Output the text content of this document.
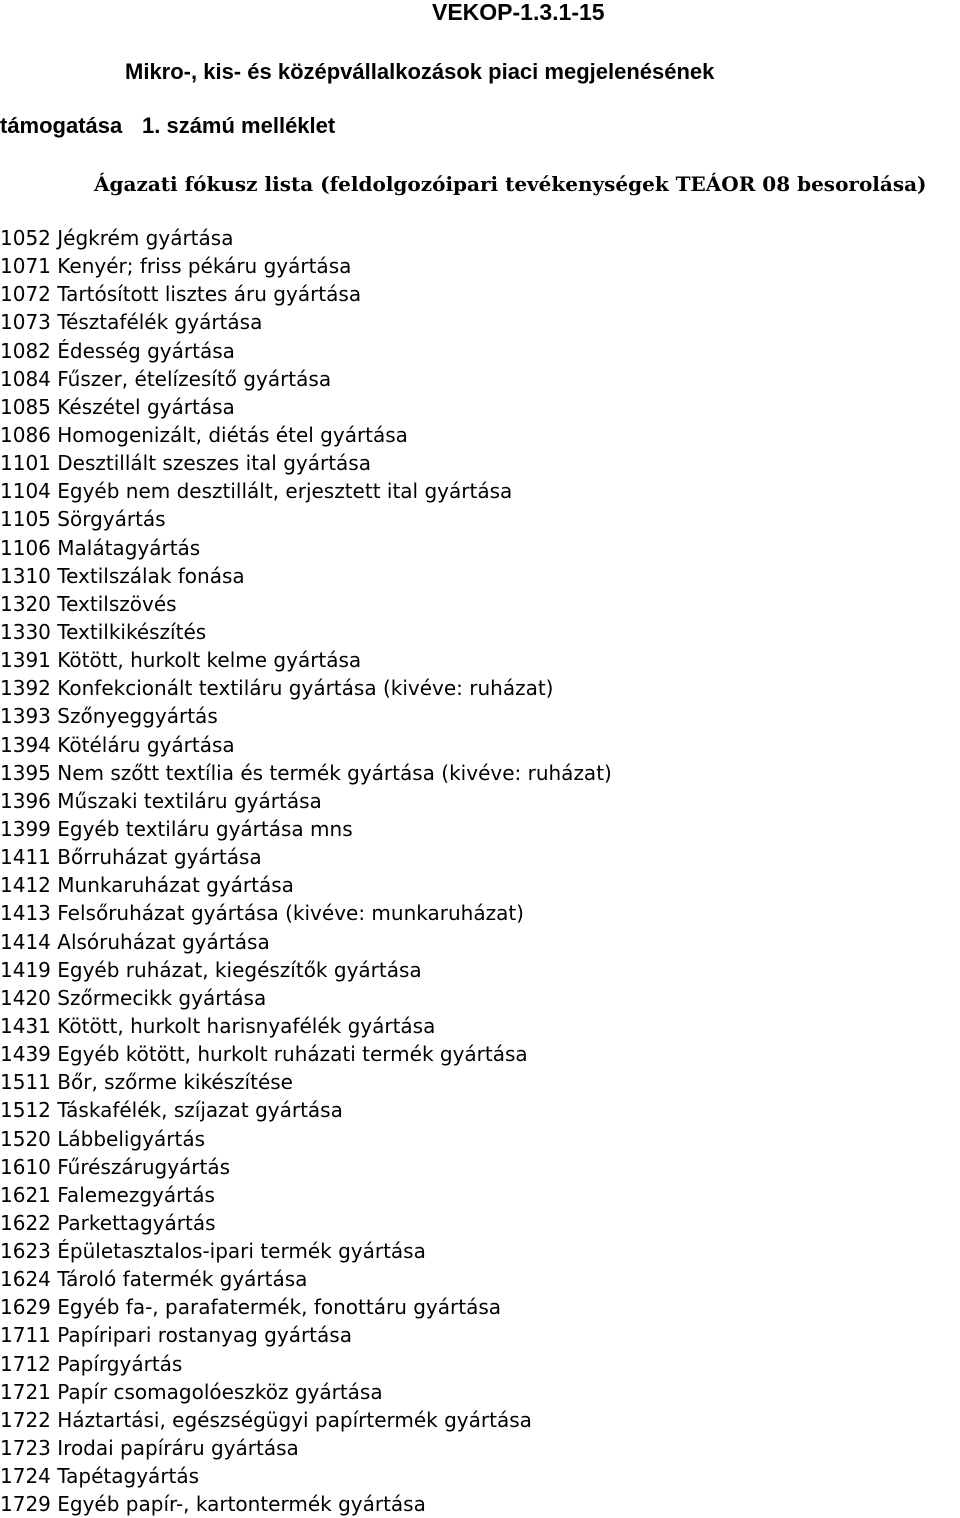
VEKOP-1.3.1-15
Mikro-, kis- és középvállalkozások piaci megjelenésének
támogatása 1. számú melléklet
Ágazati fókusz lista (feldolgozóipari tevékenységek TEÁOR 08 besorolása)
1052 Jégkrém gyártása
1071 Kenyér; friss pékáru gyártása
1072 Tartósított lisztes áru gyártása
1073 Tésztafélék gyártása
1082 Édesség gyártása
1084 Fűszer, ételízesítő gyártása
1085 Készétel gyártása
1086 Homogenizált, diétás étel gyártása
1101 Desztillált szeszes ital gyártása
1104 Egyéb nem desztillált, erjesztett ital gyártása
1105 Sörgyártás
1106 Malátagyártás
1310 Textilszálak fonása
1320 Textilszövés
1330 Textilkikészítés
1391 Kötött, hurkolt kelme gyártása
1392 Konfekcionált textiláru gyártása (kivéve: ruházat)
1393 Szőnyeggyártás
1394 Kötéláru gyártása
1395 Nem szőtt textília és termék gyártása (kivéve: ruházat)
1396 Műszaki textiláru gyártása
1399 Egyéb textiláru gyártása mns
1411 Bőrruházat gyártása
1412 Munkaruházat gyártása
1413 Felsőruházat gyártása (kivéve: munkaruházat)
1414 Alsóruházat gyártása
1419 Egyéb ruházat, kiegészítők gyártása
1420 Szőrmecikk gyártása
1431 Kötött, hurkolt harisnyafélék gyártása
1439 Egyéb kötött, hurkolt ruházati termék gyártása
1511 Bőr, szőrme kikészítése
1512 Táskafélék, szíjazat gyártása
1520 Lábbeligyártás
1610 Fűrészárugyártás
1621 Falemezgyártás
1622 Parkettagyártás
1623 Épületasztalos-ipari termék gyártása
1624 Tároló fatermék gyártása
1629 Egyéb fa-, parafatermék, fonottáru gyártása
1711 Papíripari rostanyag gyártása
1712 Papírgyártás
1721 Papír csomagolóeszköz gyártása
1722 Háztartási, egészségügyi papírtermék gyártása
1723 Irodai papíráru gyártása
1724 Tapétagyártás
1729 Egyéb papír-, kartontermék gyártása
